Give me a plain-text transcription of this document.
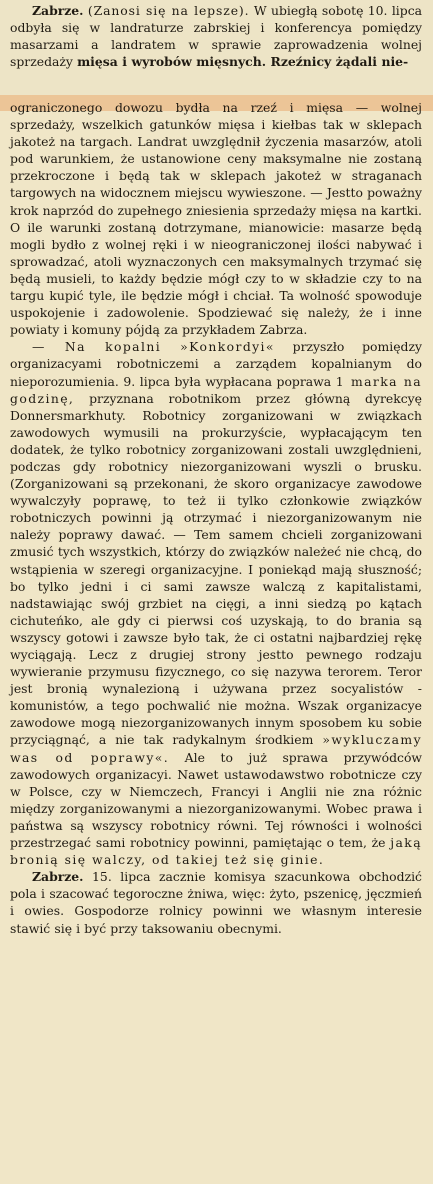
Zabrze. (Zanosi się na lepsze). W ubiegłą sobotę 10. lipca odbyła się w landraturze zabrskiej i konferencya pomiędzy masarzami a landratem w sprawie zaprowadzenia wolnej sprzedaży mięsa i wyrobów mięsnych. Rzeźnicy żądali nie-

ograniczonego dowozu bydła na rzeź i mięsa — wolnej sprzedaży, wszelkich gatunków mięsa i kiełbas tak w sklepach jakoteż na targach. Landrat uwzględnił życzenia masarzów, atoli pod warunkiem, że ustanowione ceny maksymalne nie zostaną przekroczone i będą tak w sklepach jakoteż w straganach targowych na widocznem miejscu wywieszone. — Jestto poważny krok naprzód do zupełnego zniesienia sprzedaży mięsa na kartki. O ile warunki zostaną dotrzymane, mianowicie: masarze będą mogli bydło z wolnej ręki i w nieograniczonej ilości nabywać i sprowadzać, atoli wyznaczonych cen maksymalnych trzymać się będą musieli, to każdy będzie mógł czy to w składzie czy to na targu kupić tyle, ile będzie mógł i chciał. Ta wolność spowoduje uspokojenie i zadowolenie. Spodziewać się należy, że i inne powiaty i komuny pójdą za przykładem Zabrza.

— Na kopalni »Konkordyi« przyszło pomiędzy organizacyami robotniczemi a zarządem kopalnianym do nieporozumienia. 9. lipca była wypłacana poprawa 1 marka na godzinę, przyznana robotnikom przez główną dyrekcyę Donnersmarkhuty. Robotnicy zorganizowani w związkach zawodowych wymusili na prokurzyście, wypłacającym ten dodatek, że tylko robotnicy zorganizowani zostali uwzględnieni, podczas gdy robotnicy niezorganizowani wyszli o brusku. (Zorganizowani są przekonani, że skoro organizacye zawodowe wywalczyły poprawę, to też ii tylko członkowie związków robotniczych powinni ją otrzymać i niezorganizowanym nie należy poprawy dawać. — Tem samem chcieli zorganizowani zmusić tych wszystkich, którzy do związków należeć nie chcą, do wstąpienia w szeregi organizacyjne. I poniekąd mają słuszność; bo tylko jedni i ci sami zawsze walczą z kapitalistami, nadstawiając swój grzbiet na cięgi, a inni siedzą po kątach cichuteńko, ale gdy ci pierwsi coś uzyskają, to do brania są wszyscy gotowi i zawsze było tak, że ci ostatni najbardziej rękę wyciągają. Lecz z drugiej strony jestto pewnego rodzaju wywieranie przymusu fizycznego, co się nazywa terorem. Teror jest bronią wynalezioną i używana przez socyalistów - komunistów, a tego pochwalić nie można. Wszak organizacye zawodowe mogą niezorganizowanych innym sposobem ku sobie przyciągnąć, a nie tak radykalnym środkiem »wykluczamy was od poprawy«. Ale to już sprawa przywódców zawodowych organizacyi. Nawet ustawodawstwo robotnicze czy w Polsce, czy w Niemczech, Francyi i Anglii nie zna różnic między zorganizowanymi a niezorganizowanymi. Wobec prawa i państwa są wszyscy robotnicy równi. Tej równości i wolności przestrzegać sami robotnicy powinni, pamiętając o tem, że jaką bronią się walczy, od takiej też się ginie.

Zabrze. 15. lipca zacznie komisya szacunkowa obchodzić pola i szacować tegoroczne żniwa, więc: żyto, pszenicę, jęczmień i owies. Gospodorze rolnicy powinni we własnym interesie stawić się i być przy taksowaniu obecnymi.
